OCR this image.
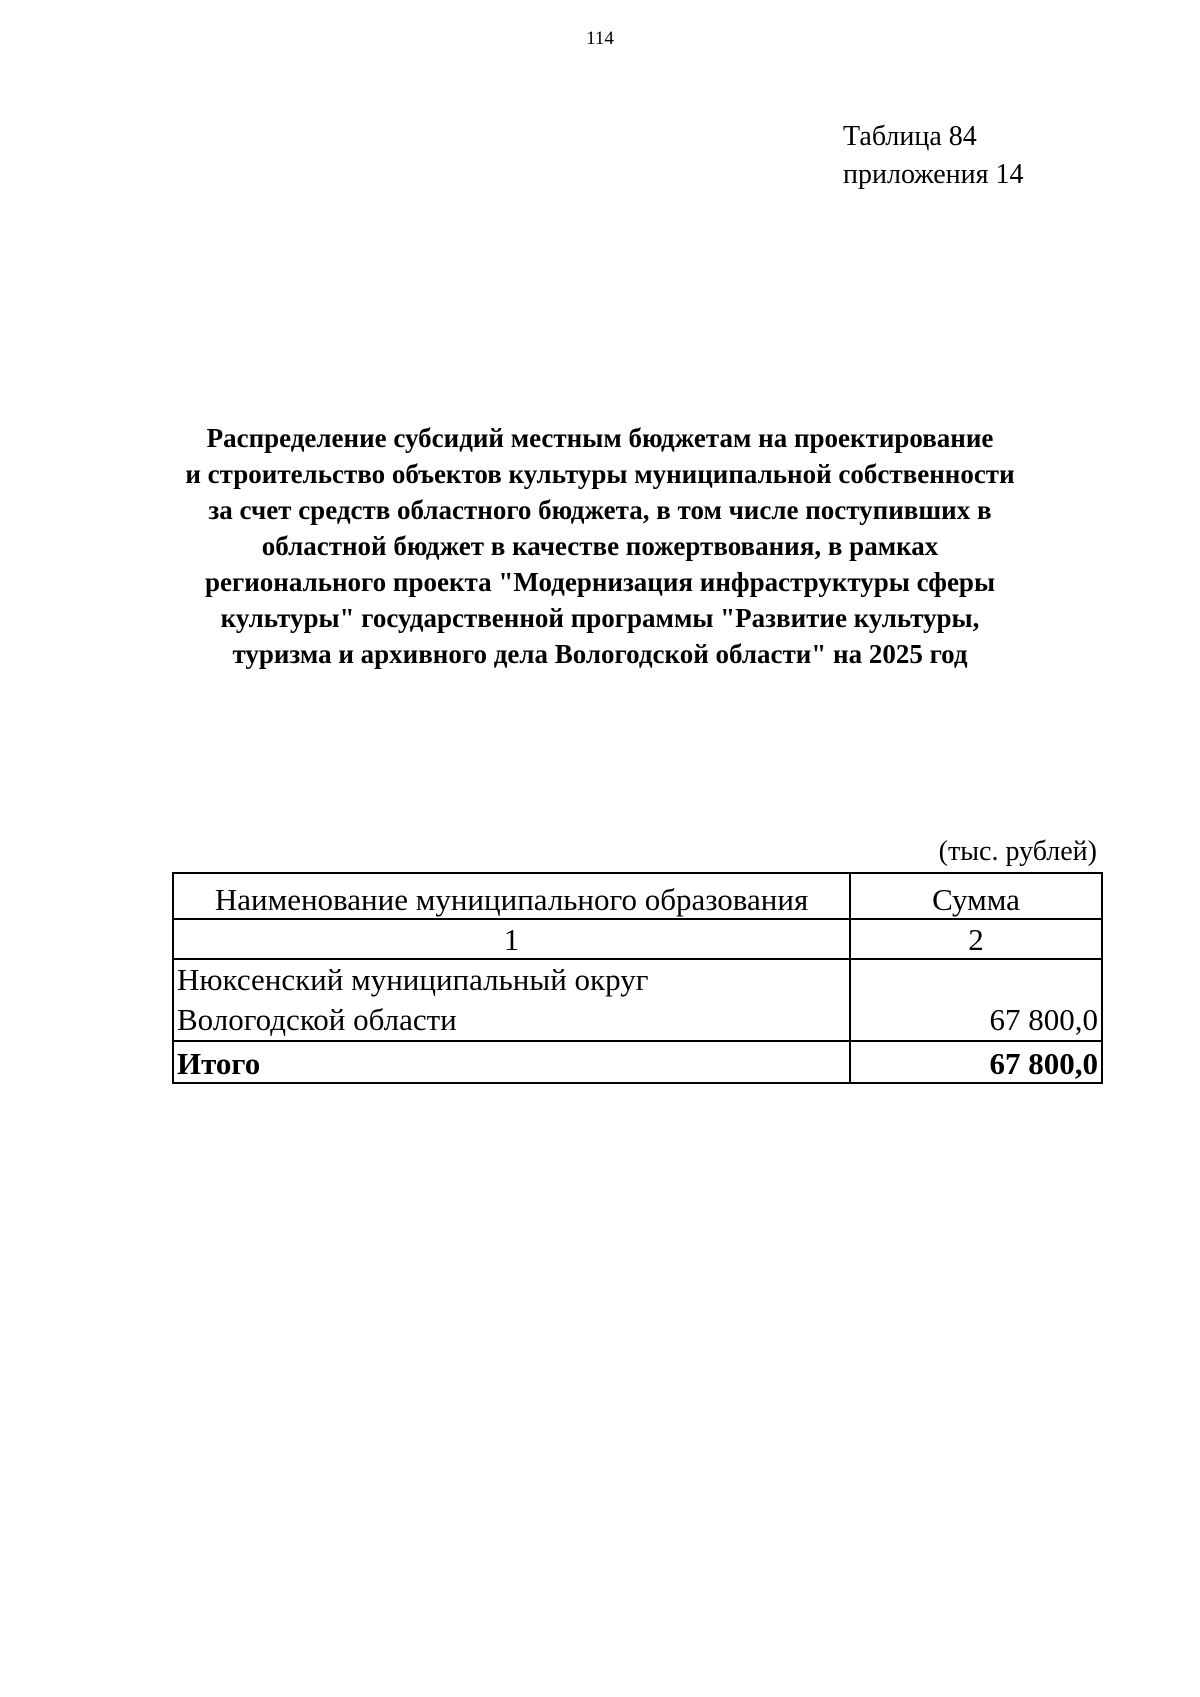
114
Таблица 84
приложения 14
Распределение субсидий местным бюджетам на проектирование
и строительство объектов культуры муниципальной собственности
за счет средств областного бюджета, в том числе поступивших в
областной бюджет в качестве пожертвования, в рамках
регионального проекта "Модернизация инфраструктуры сферы
культуры" государственной программы "Развитие культуры,
туризма и архивного дела Вологодской области" на 2025 год
(тыс. рублей)
Наименование муниципального образования	Сумма
1	2

Нюксенский муниципальный округ
Вологодской области	67 800,0
Итого	67 800,0
